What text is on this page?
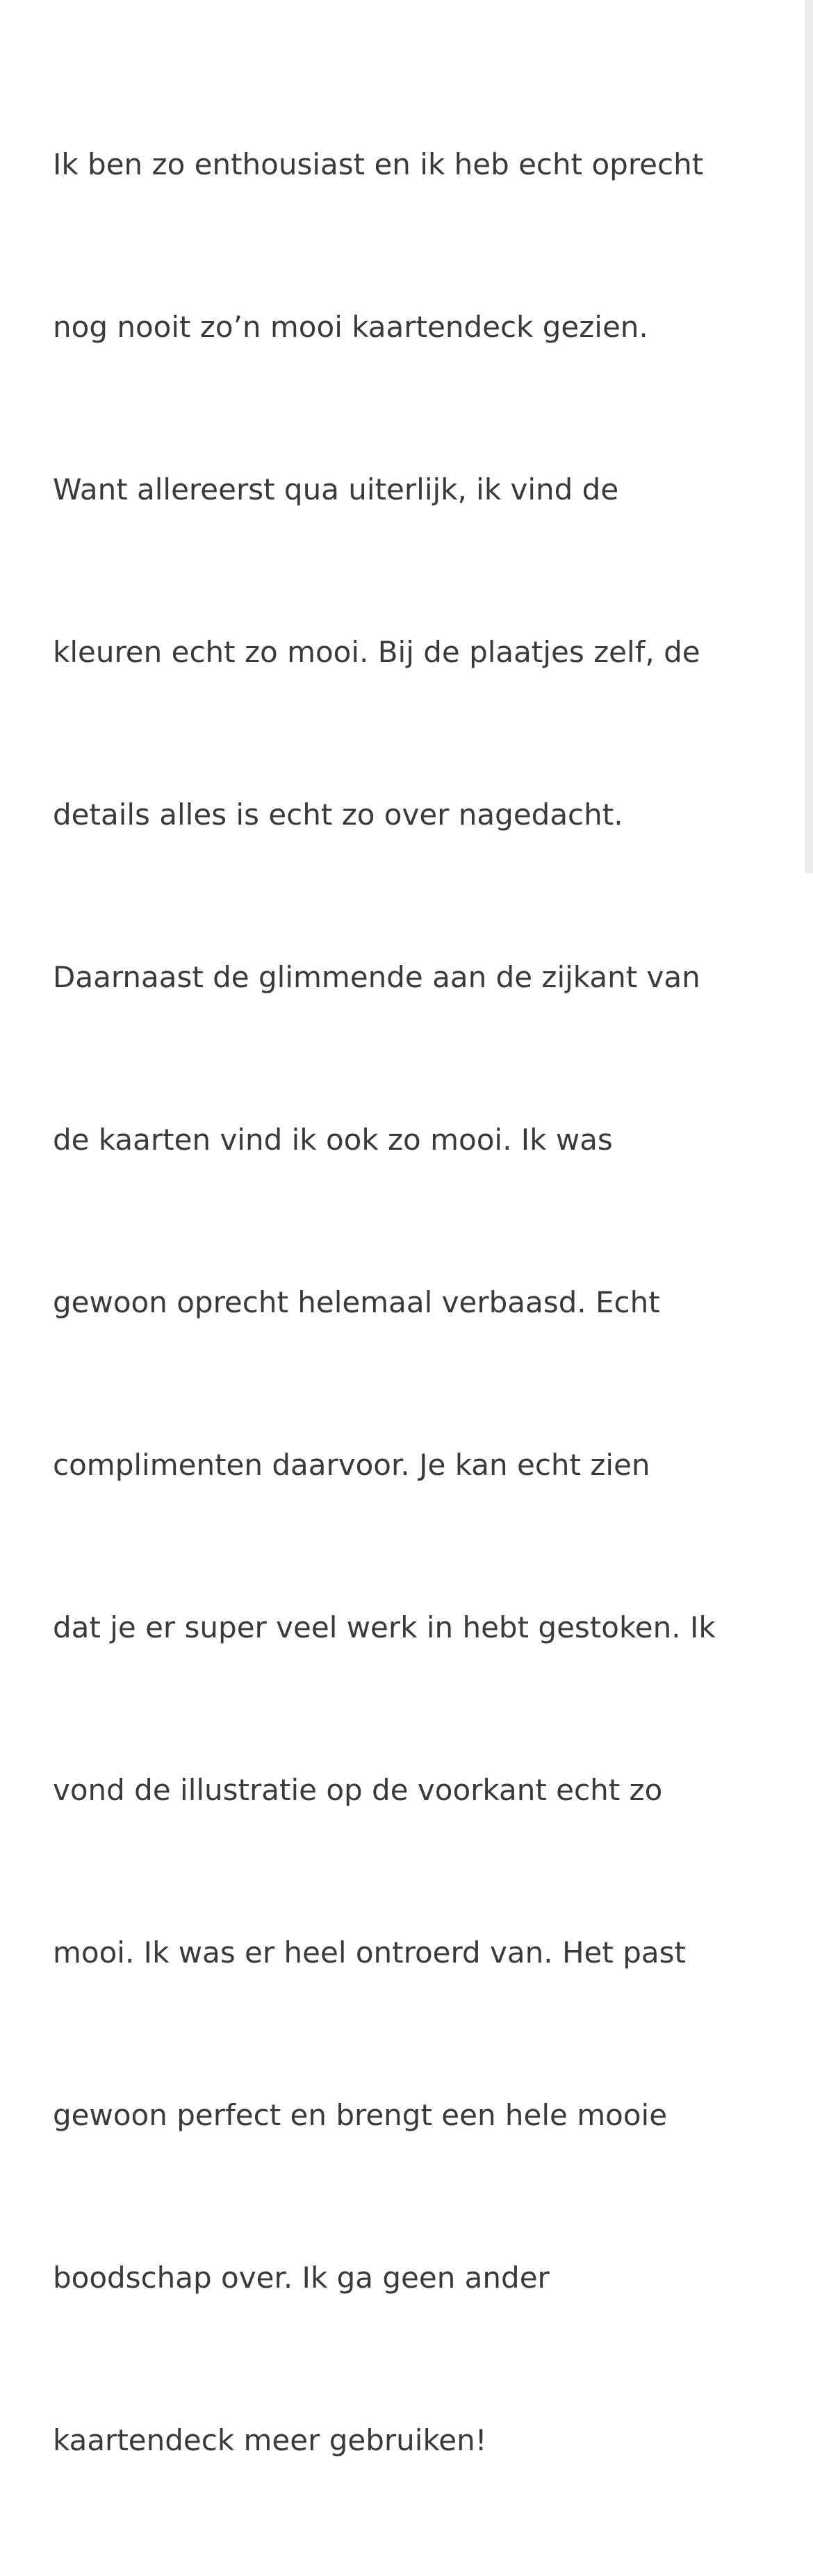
Ik ben zo enthousiast en ik heb echt oprecht

nog nooit zo’n mooi kaartendeck gezien.

Want allereerst qua uiterlijk, ik vind de

kleuren echt zo mooi. Bij de plaatjes zelf, de

details alles is echt zo over nagedacht.

Daarnaast de glimmende aan de zijkant van

de kaarten vind ik ook zo mooi. Ik was

gewoon oprecht helemaal verbaasd. Echt

complimenten daarvoor. Je kan echt zien

dat je er super veel werk in hebt gestoken. Ik

vond de illustratie op de voorkant echt zo

mooi. Ik was er heel ontroerd van. Het past

gewoon perfect en brengt een hele mooie

boodschap over. Ik ga geen ander

kaartendeck meer gebruiken!
